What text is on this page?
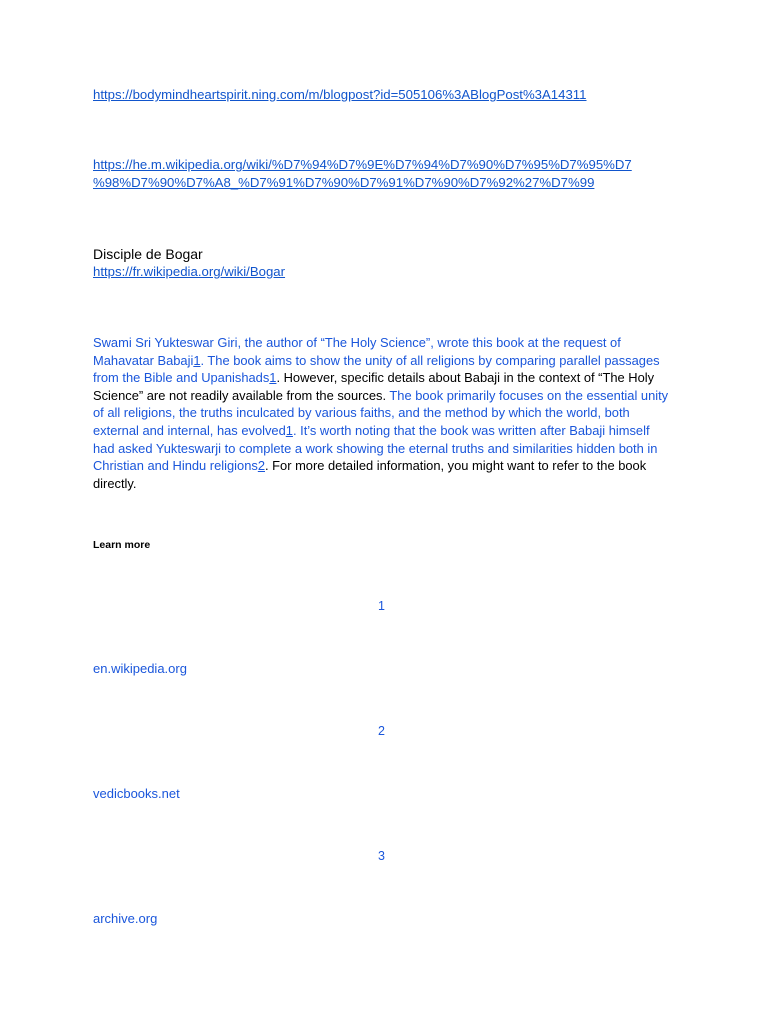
https://bodymindheartspirit.ning.com/m/blogpost?id=505106%3ABlogPost%3A14311
https://he.m.wikipedia.org/wiki/%D7%94%D7%9E%D7%94%D7%90%D7%95%D7%95%D7
%98%D7%90%D7%A8_%D7%91%D7%90%D7%91%D7%90%D7%92%27%D7%99
Disciple de Bogar
https://fr.wikipedia.org/wiki/Bogar
Swami Sri Yukteswar Giri, the author of “The Holy Science”, wrote this book at the request of Mahavatar Babaji1. The book aims to show the unity of all religions by comparing parallel passages from the Bible and Upanishads1. However, specific details about Babaji in the context of “The Holy Science” are not readily available from the sources. The book primarily focuses on the essential unity of all religions, the truths inculcated by various faiths, and the method by which the world, both external and internal, has evolved1. It’s worth noting that the book was written after Babaji himself had asked Yukteswarji to complete a work showing the eternal truths and similarities hidden both in Christian and Hindu religions2. For more detailed information, you might want to refer to the book directly.
Learn more
1
en.wikipedia.org
2
vedicbooks.net
3
archive.org
